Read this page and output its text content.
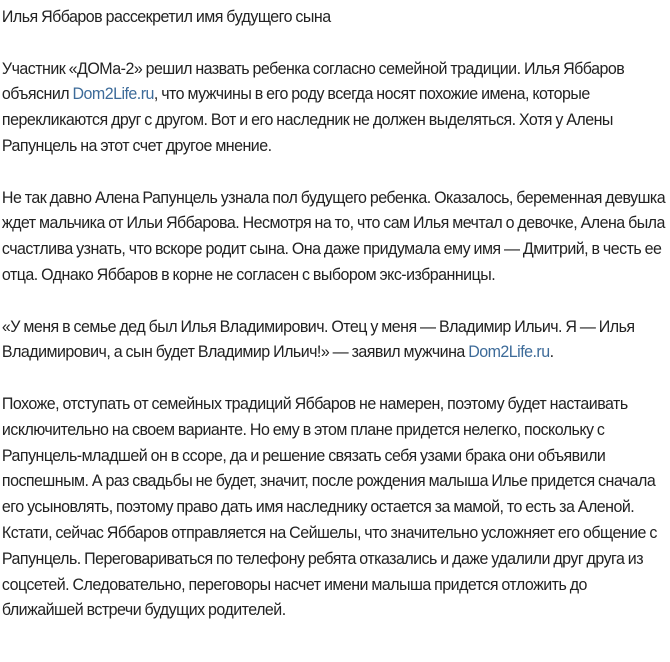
Илья Яббаров рассекретил имя будущего сына

Участник «ДОМа-2» решил назвать ребенка согласно семейной традиции. Илья Яббаров объяснил Dom2Life.ru, что мужчины в его роду всегда носят похожие имена, которые перекликаются друг с другом. Вот и его наследник не должен выделяться. Хотя у Алены Рапунцель на этот счет другое мнение.

Не так давно Алена Рапунцель узнала пол будущего ребенка. Оказалось, беременная девушка ждет мальчика от Ильи Яббарова. Несмотря на то, что сам Илья мечтал о девочке, Алена была счастлива узнать, что вскоре родит сына. Она даже придумала ему имя — Дмитрий, в честь ее отца. Однако Яббаров в корне не согласен с выбором экс-избранницы.

«У меня в семье дед был Илья Владимирович. Отец у меня — Владимир Ильич. Я — Илья Владимирович, а сын будет Владимир Ильич!» — заявил мужчина Dom2Life.ru.

Похоже, отступать от семейных традиций Яббаров не намерен, поэтому будет настаивать исключительно на своем варианте. Но ему в этом плане придется нелегко, поскольку с Рапунцель-младшей он в ссоре, да и решение связать себя узами брака они объявили поспешным. А раз свадьбы не будет, значит, после рождения малыша Илье придется сначала его усыновлять, поэтому право дать имя наследнику остается за мамой, то есть за Аленой.

Кстати, сейчас Яббаров отправляется на Сейшелы, что значительно усложняет его общение с Рапунцель. Переговариваться по телефону ребята отказались и даже удалили друг друга из соцсетей. Следовательно, переговоры насчет имени малыша придется отложить до ближайшей встречи будущих родителей.
